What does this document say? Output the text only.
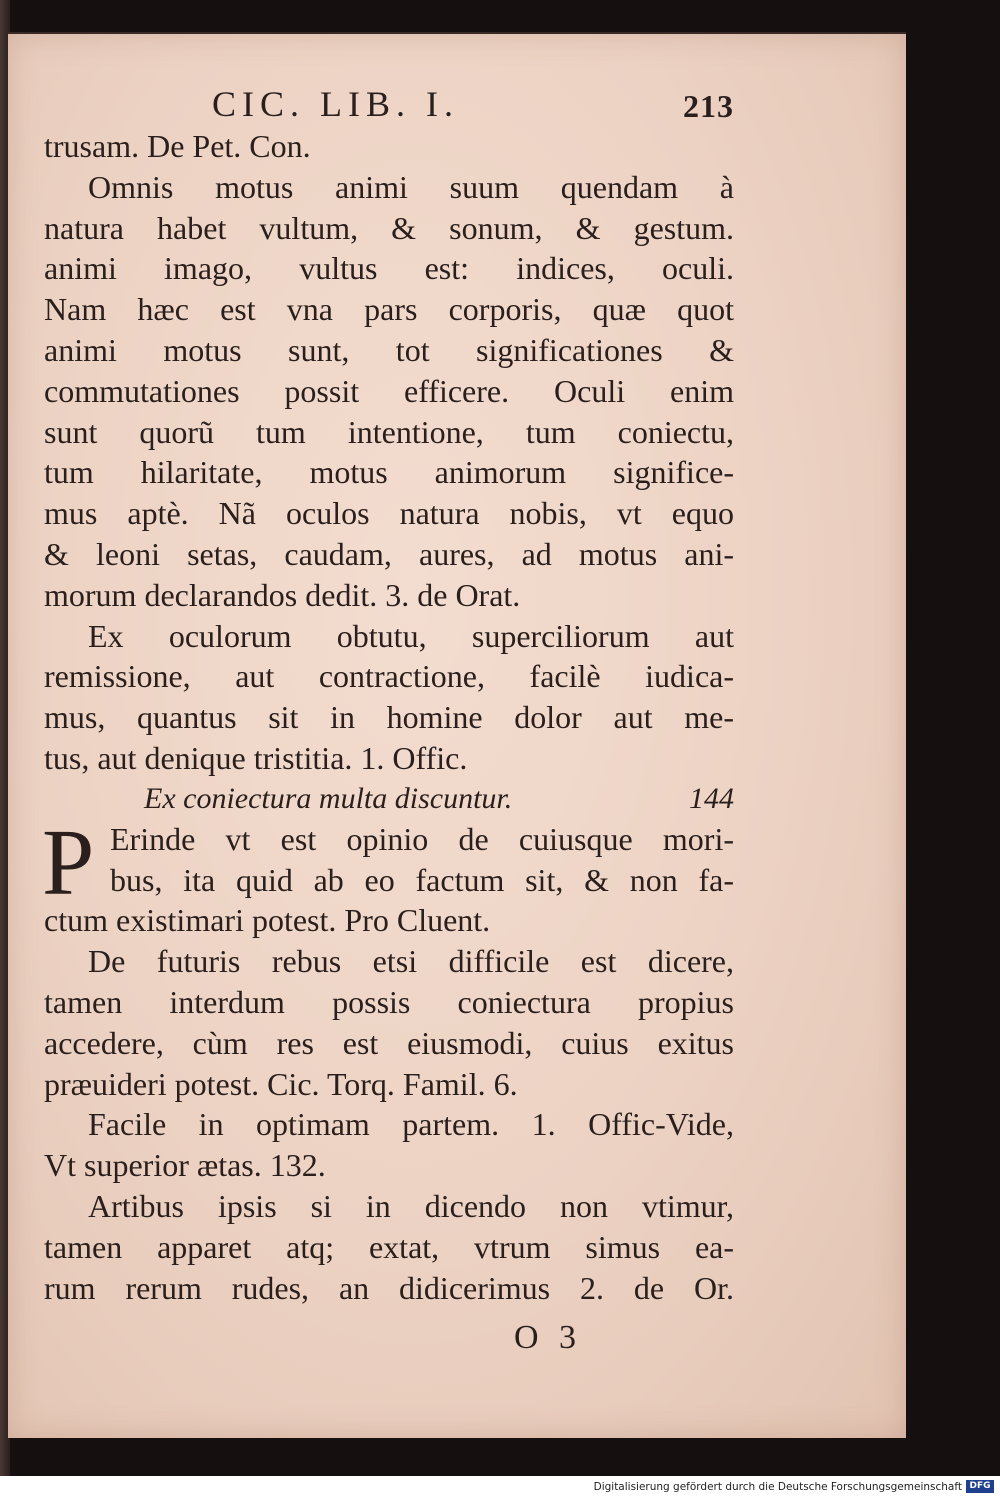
CIC. LIB. I.	213
trusam. De Pet. Con.
Omnis motus animi suum quendam à
natura habet vultum, & sonum, & gestum.
animi imago, vultus est: indices, oculi.
Nam hæc est vna pars corporis, quæ quot
animi motus sunt, tot significationes &
commutationes possit efficere. Oculi enim
sunt quorũ tum intentione, tum coniectu,
tum hilaritate, motus animorum significe-
mus aptè. Nã oculos natura nobis, vt equo
& leoni setas, caudam, aures, ad motus ani-
morum declarandos dedit. 3. de Orat.
Ex oculorum obtutu, superciliorum aut
remissione, aut contractione, facilè iudica-
mus, quantus sit in homine dolor aut me-
tus, aut denique tristitia. 1. Offic.
Ex coniectura multa discuntur.	144
P Erinde vt est opinio de cuiusque mori-
bus, ita quid ab eo factum sit, & non fa-
ctum existimari potest. Pro Cluent.
De futuris rebus etsi difficile est dicere,
tamen interdum possis coniectura propius
accedere, cùm res est eiusmodi, cuius exitus
præuideri potest. Cic. Torq. Famil. 6.
Facile in optimam partem. 1. Offic-Vide,
Vt superior ætas. 132.
Artibus ipsis si in dicendo non vtimur,
tamen apparet atq; extat, vtrum simus ea-
rum rerum rudes, an didicerimus 2. de Or.
O 3
Digitalisierung gefördert durch die Deutsche Forschungsgemeinschaft DFG
